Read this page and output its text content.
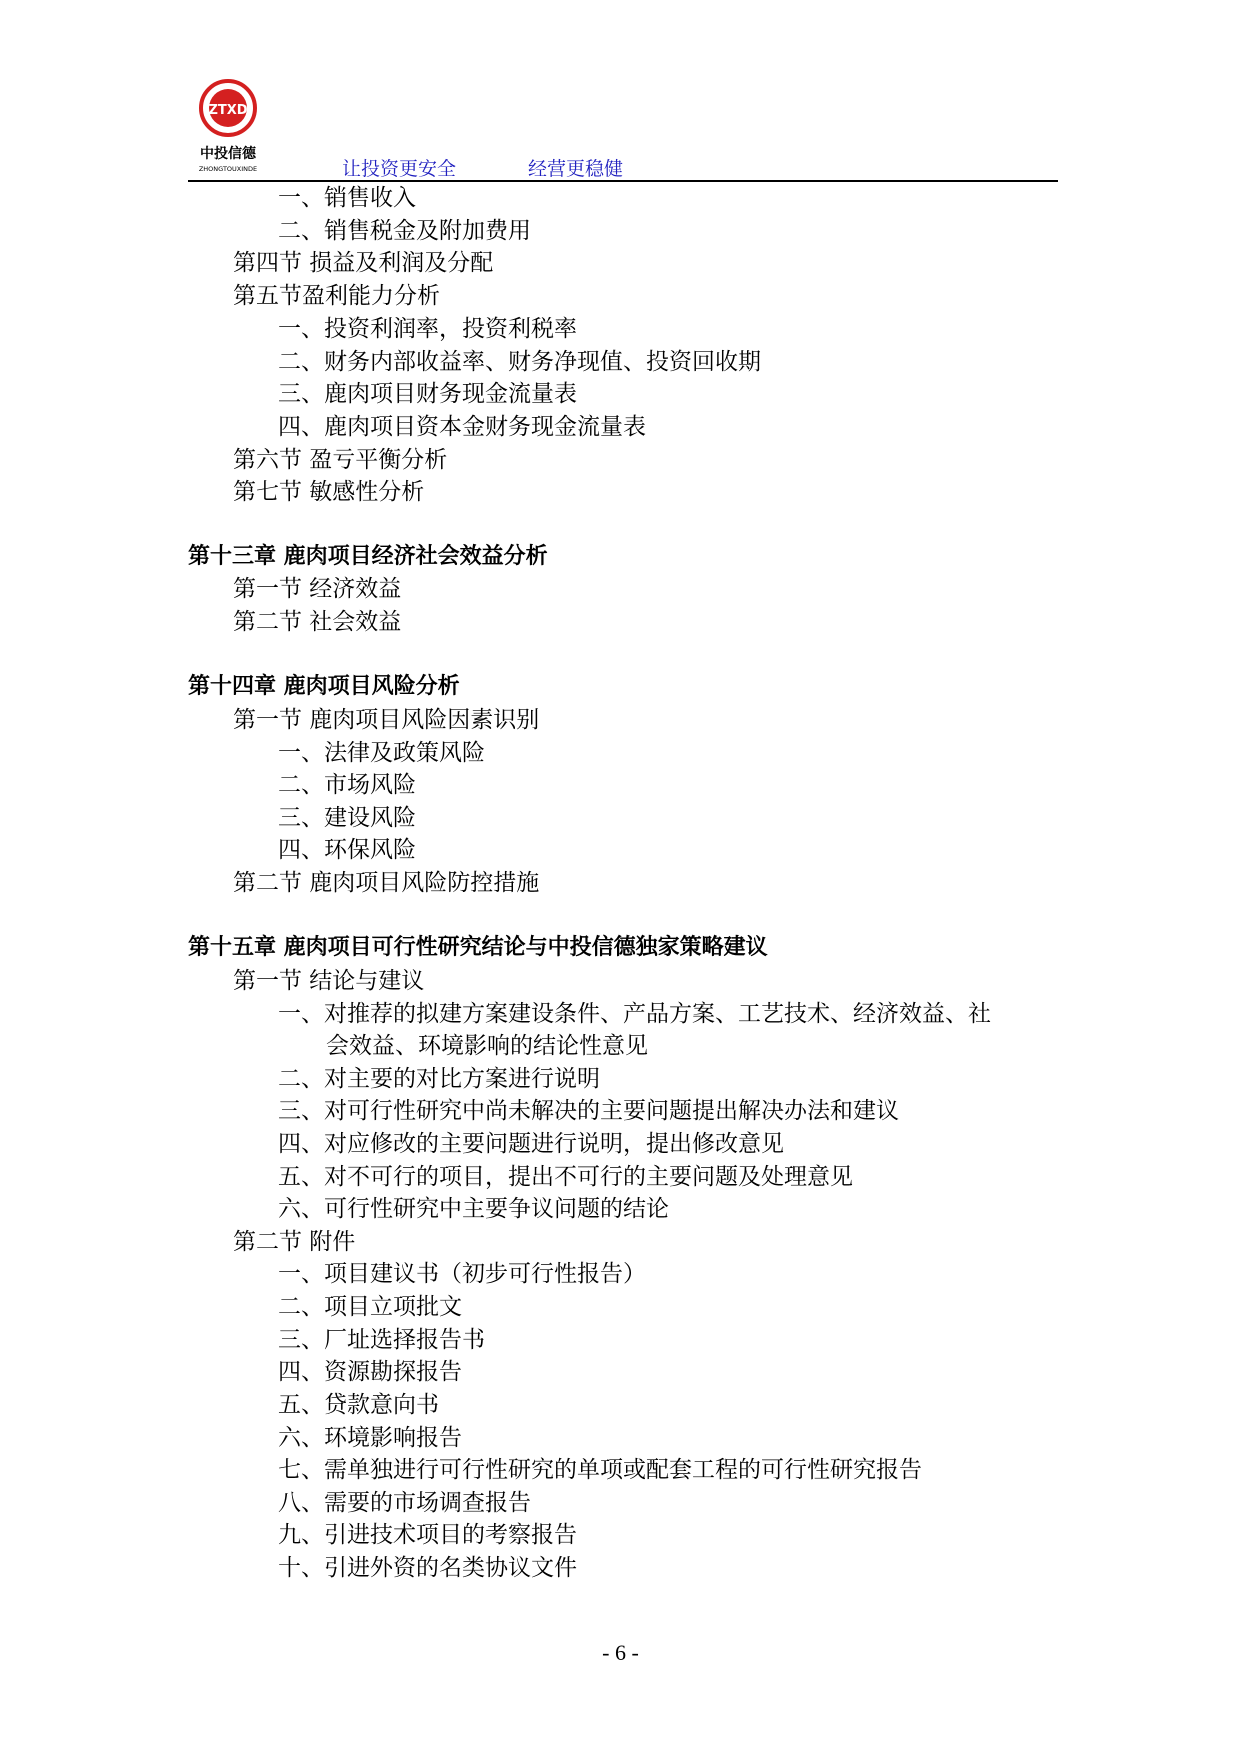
ZTXD
中投信德
ZHONGTOUXINDE	让投资更安全	经营更稳健
一、销售收入
二、销售税金及附加费用
第四节 损益及利润及分配
第五节盈利能力分析
一、投资利润率，投资利税率
二、财务内部收益率、财务净现值、投资回收期
三、鹿肉项目财务现金流量表
四、鹿肉项目资本金财务现金流量表
第六节 盈亏平衡分析
第七节 敏感性分析
第十三章 鹿肉项目经济社会效益分析
第一节 经济效益
第二节 社会效益
第十四章 鹿肉项目风险分析
第一节 鹿肉项目风险因素识别
一、法律及政策风险
二、市场风险
三、建设风险
四、环保风险
第二节 鹿肉项目风险防控措施
第十五章 鹿肉项目可行性研究结论与中投信德独家策略建议
第一节 结论与建议
一、对推荐的拟建方案建设条件、产品方案、工艺技术、经济效益、社
会效益、环境影响的结论性意见
二、对主要的对比方案进行说明
三、对可行性研究中尚未解决的主要问题提出解决办法和建议
四、对应修改的主要问题进行说明，提出修改意见
五、对不可行的项目，提出不可行的主要问题及处理意见
六、可行性研究中主要争议问题的结论
第二节 附件
一、项目建议书（初步可行性报告）
二、项目立项批文
三、厂址选择报告书
四、资源勘探报告
五、贷款意向书
六、环境影响报告
七、需单独进行可行性研究的单项或配套工程的可行性研究报告
八、需要的市场调查报告
九、引进技术项目的考察报告
十、引进外资的名类协议文件
- 6 -
